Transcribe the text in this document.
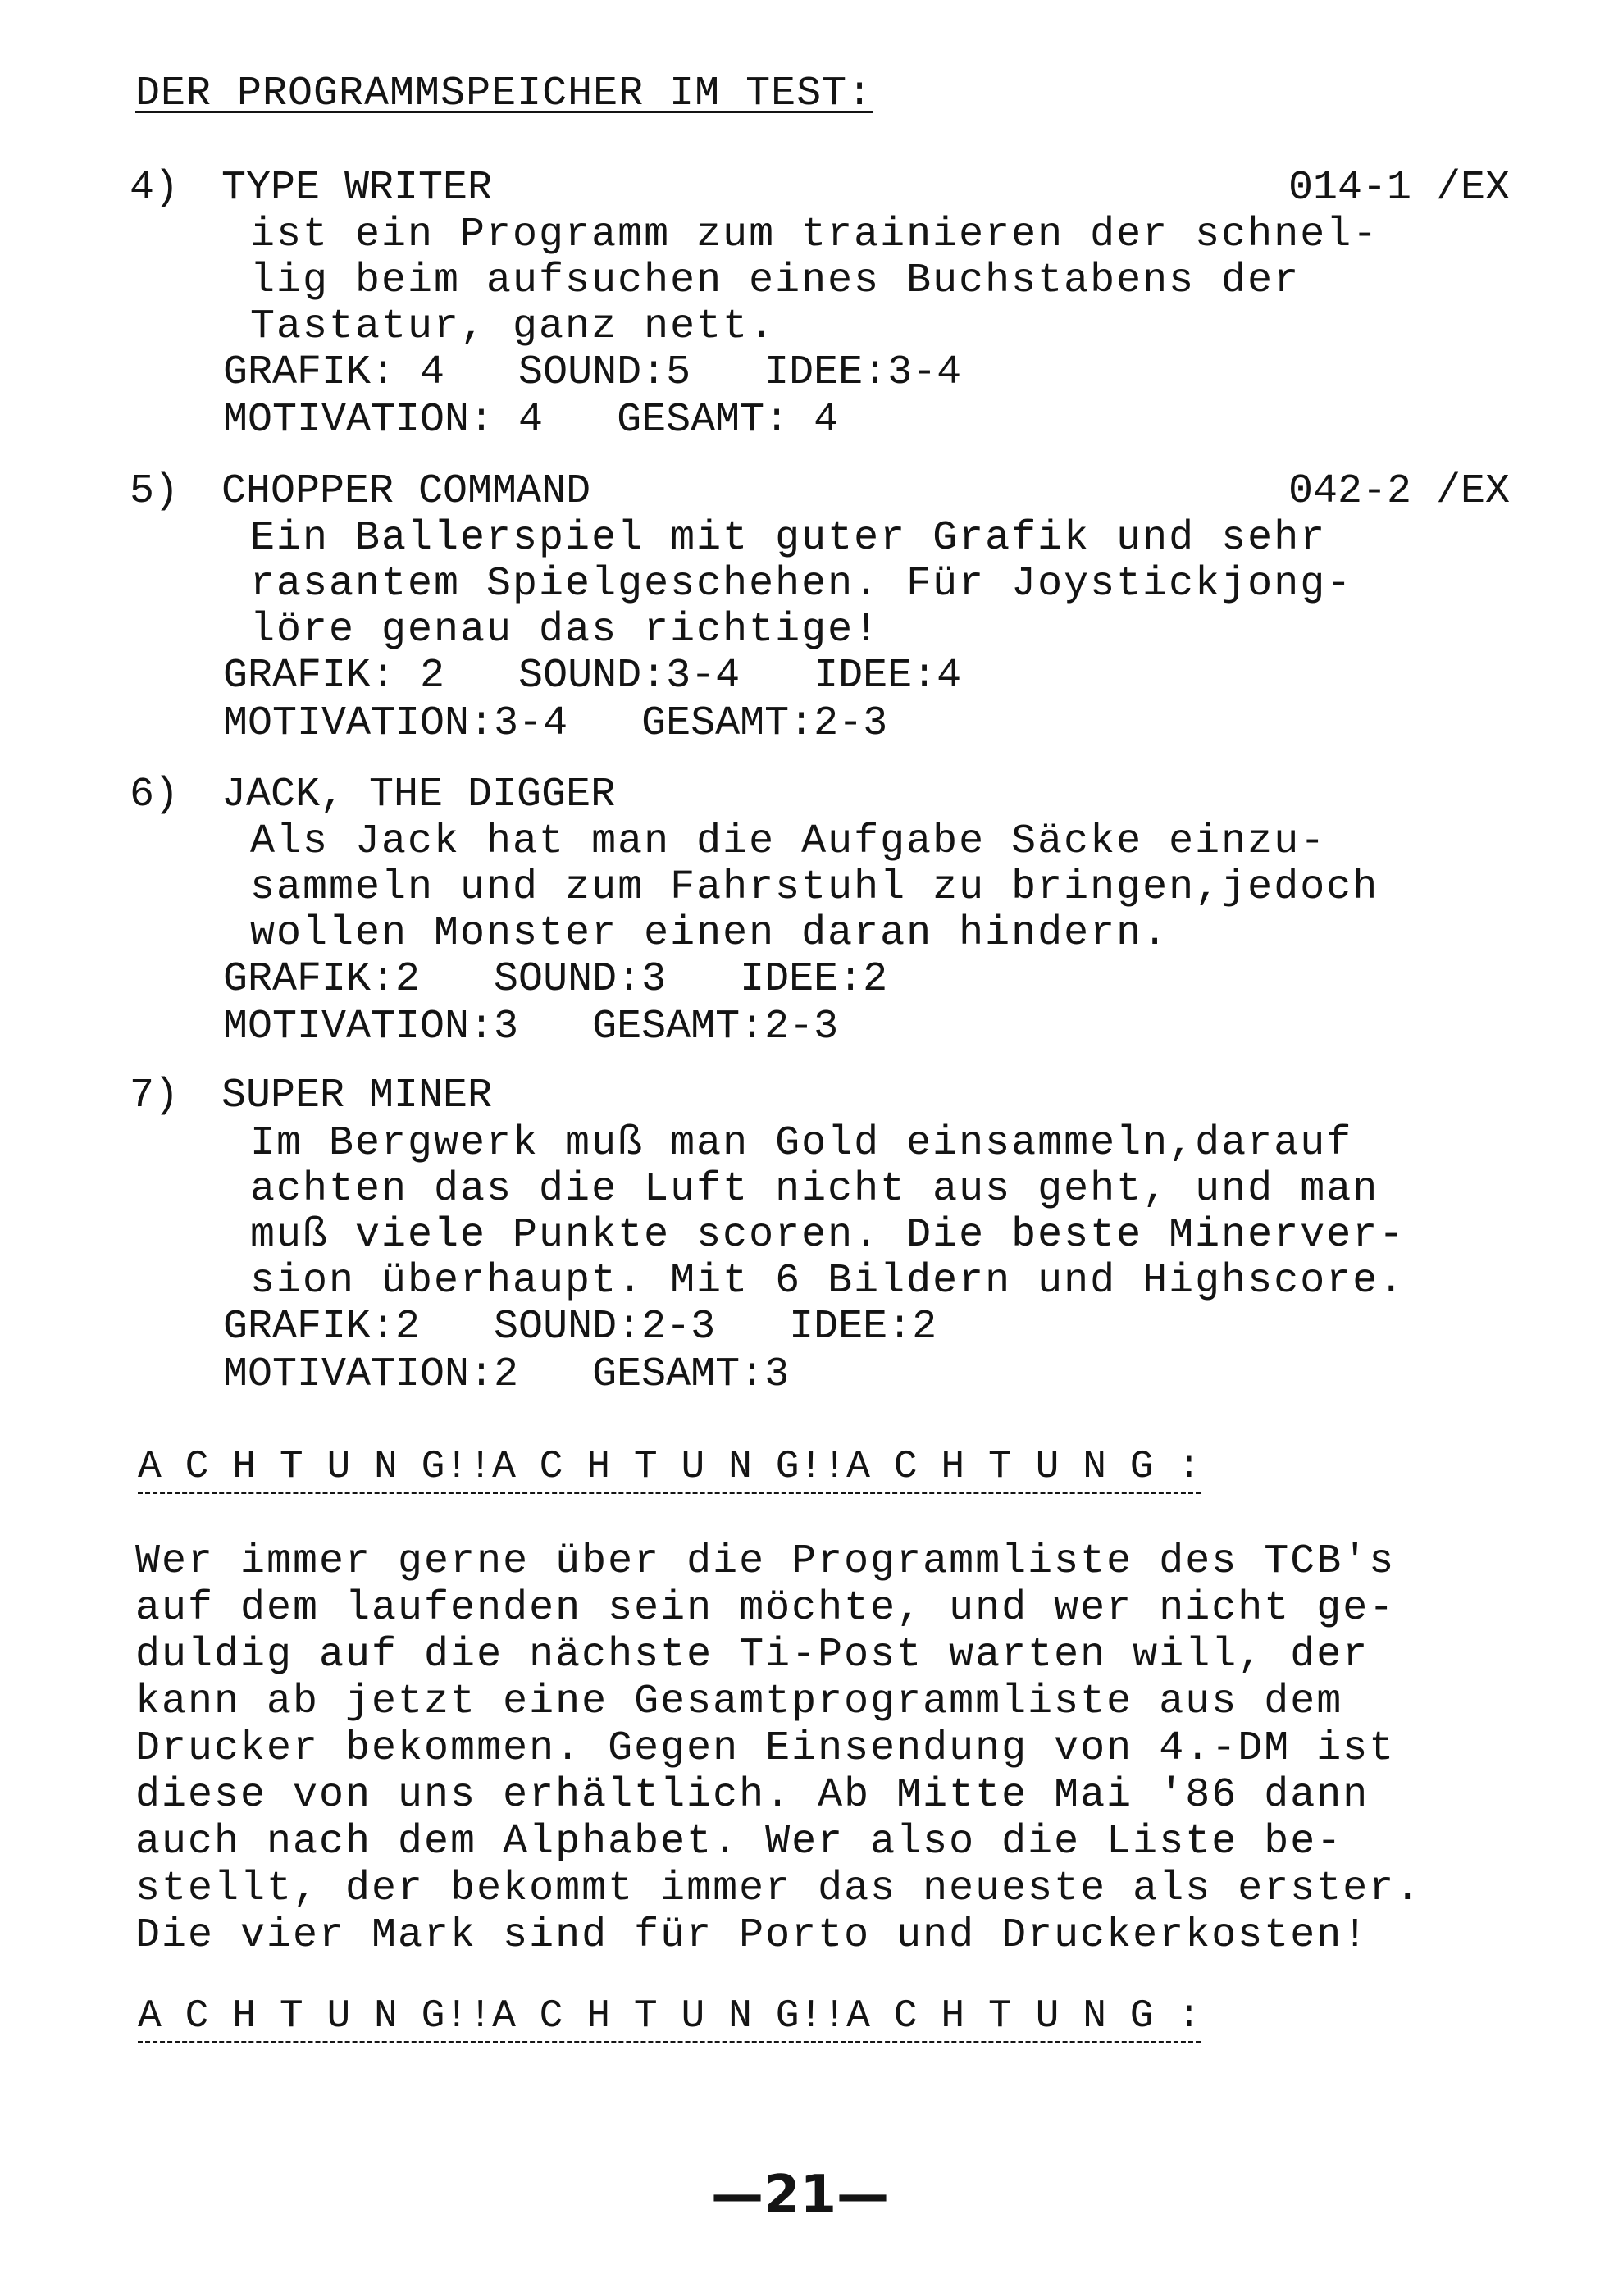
DER PROGRAMMSPEICHER IM TEST:
4) TYPE WRITER	014-1 /EX
ist ein Programm zum trainieren der schnel-
lig beim aufsuchen eines Buchstabens der
Tastatur, ganz nett.
GRAFIK: 4   SOUND:5   IDEE:3-4
MOTIVATION: 4   GESAMT: 4
5) CHOPPER COMMAND	042-2 /EX
Ein Ballerspiel mit guter Grafik und sehr
rasantem Spielgeschehen. Für Joystickjong-
löre genau das richtige!
GRAFIK: 2   SOUND:3-4   IDEE:4
MOTIVATION:3-4   GESAMT:2-3
6) JACK, THE DIGGER
Als Jack hat man die Aufgabe Säcke einzu-
sammeln und zum Fahrstuhl zu bringen,jedoch
wollen Monster einen daran hindern.
GRAFIK:2   SOUND:3   IDEE:2
MOTIVATION:3   GESAMT:2-3
7) SUPER MINER
Im Bergwerk muß man Gold einsammeln,darauf
achten das die Luft nicht aus geht, und man
muß viele Punkte scoren. Die beste Minerver-
sion überhaupt. Mit 6 Bildern und Highscore.
GRAFIK:2   SOUND:2-3   IDEE:2
MOTIVATION:2   GESAMT:3
A C H T U N G!!A C H T U N G!!A C H T U N G :
Wer immer gerne über die Programmliste des TCB's
auf dem laufenden sein möchte, und wer nicht ge-
duldig auf die nächste Ti-Post warten will, der
kann ab jetzt eine Gesamtprogrammliste aus dem
Drucker bekommen. Gegen Einsendung von 4.-DM ist
diese von uns erhältlich. Ab Mitte Mai '86 dann
auch nach dem Alphabet. Wer also die Liste be-
stellt, der bekommt immer das neueste als erster.
Die vier Mark sind für Porto und Druckerkosten!
A C H T U N G!!A C H T U N G!!A C H T U N G :
—21—
